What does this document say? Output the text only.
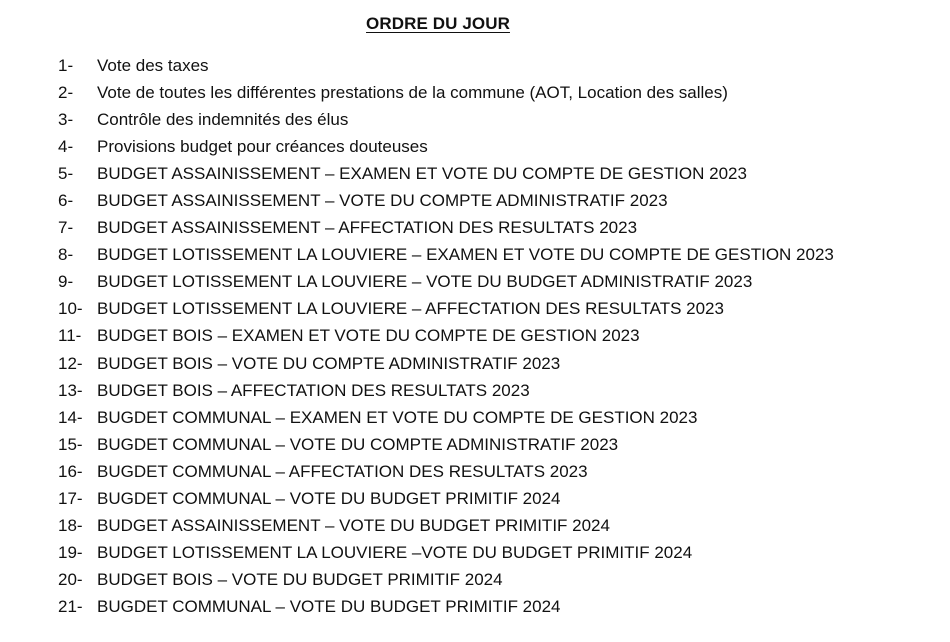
ORDRE DU JOUR
1-	Vote des taxes
2-	Vote de toutes les différentes prestations de la commune (AOT, Location des salles)
3-	Contrôle des indemnités des élus
4-	Provisions budget pour créances douteuses
5-	BUDGET ASSAINISSEMENT – EXAMEN ET VOTE DU COMPTE DE GESTION 2023
6-	BUDGET ASSAINISSEMENT – VOTE DU COMPTE ADMINISTRATIF 2023
7-	BUDGET ASSAINISSEMENT – AFFECTATION DES RESULTATS 2023
8-	BUDGET LOTISSEMENT LA LOUVIERE – EXAMEN ET VOTE DU COMPTE DE GESTION 2023
9-	BUDGET LOTISSEMENT LA LOUVIERE – VOTE DU BUDGET ADMINISTRATIF 2023
10- BUDGET LOTISSEMENT LA LOUVIERE – AFFECTATION DES RESULTATS 2023
11- BUDGET BOIS – EXAMEN ET VOTE DU COMPTE DE GESTION 2023
12- BUDGET BOIS – VOTE DU COMPTE ADMINISTRATIF 2023
13- BUDGET BOIS – AFFECTATION DES RESULTATS 2023
14- BUGDET COMMUNAL – EXAMEN ET VOTE DU COMPTE DE GESTION 2023
15- BUGDET COMMUNAL – VOTE DU COMPTE ADMINISTRATIF 2023
16- BUGDET COMMUNAL – AFFECTATION DES RESULTATS 2023
17- BUGDET COMMUNAL – VOTE DU BUDGET PRIMITIF 2024
18- BUDGET ASSAINISSEMENT – VOTE DU BUDGET PRIMITIF 2024
19- BUDGET LOTISSEMENT LA LOUVIERE –VOTE DU BUDGET PRIMITIF 2024
20- BUDGET BOIS – VOTE DU BUDGET PRIMITIF 2024
21- BUGDET COMMUNAL – VOTE DU BUDGET PRIMITIF 2024
